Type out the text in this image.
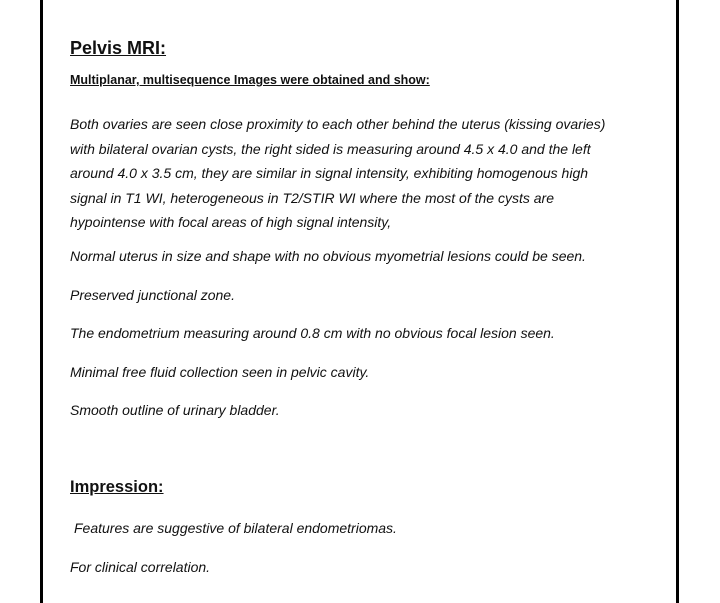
Pelvis MRI:
Multiplanar, multisequence Images were obtained and show:
Both ovaries are seen close proximity to each other behind the uterus (kissing ovaries)
with bilateral ovarian cysts, the right sided is measuring around 4.5 x 4.0 and the left
around 4.0 x 3.5 cm, they are similar in signal intensity, exhibiting homogenous high
signal in T1 WI, heterogeneous in T2/STIR WI where the most of the cysts are
hypointense with focal areas of high signal intensity,
Normal uterus in size and shape with no obvious myometrial lesions could be seen.
Preserved junctional zone.
The endometrium measuring around 0.8 cm with no obvious focal lesion seen.
Minimal free fluid collection seen in pelvic cavity.
Smooth outline of urinary bladder.
Impression:
Features are suggestive of bilateral endometriomas.
For clinical correlation.
